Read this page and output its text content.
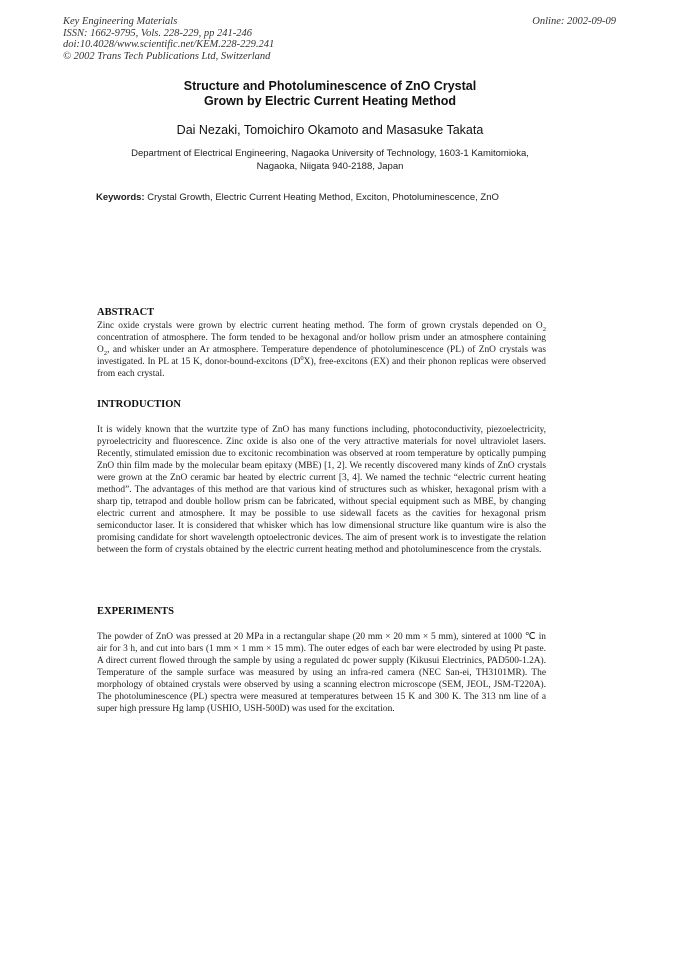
Key Engineering Materials
ISSN: 1662-9795, Vols. 228-229, pp 241-246
doi:10.4028/www.scientific.net/KEM.228-229.241
© 2002 Trans Tech Publications Ltd, Switzerland
Online: 2002-09-09
Structure and Photoluminescence of ZnO Crystal
Grown by Electric Current Heating Method
Dai Nezaki, Tomoichiro Okamoto and Masasuke Takata
Department of Electrical Engineering, Nagaoka University of Technology, 1603-1 Kamitomioka,
Nagaoka, Niigata 940-2188, Japan
Keywords: Crystal Growth, Electric Current Heating Method, Exciton, Photoluminescence, ZnO
ABSTRACT
Zinc oxide crystals were grown by electric current heating method. The form of grown crystals depended on $O_2$ concentration of atmosphere. The form tended to be hexagonal and/or hollow prism under an atmosphere containing $O_2$, and whisker under an Ar atmosphere. Temperature dependence of photoluminescence (PL) of ZnO crystals was investigated. In PL at 15 K, donor-bound-excitons $(D^0X)$, free-excitons (EX) and their phonon replicas were observed from each crystal.
INTRODUCTION
It is widely known that the wurtzite type of ZnO has many functions including, photoconductivity, piezoelectricity, pyroelectricity and fluorescence. Zinc oxide is also one of the very attractive materials for novel ultraviolet lasers. Recently, stimulated emission due to excitonic recombination was observed at room temperature by optically pumping ZnO thin film made by the molecular beam epitaxy (MBE) [1, 2]. We recently discovered many kinds of ZnO crystals were grown at the ZnO ceramic bar heated by electric current [3, 4]. We named the technic “electric current heating method”. The advantages of this method are that various kind of structures such as whisker, hexagonal prism with a sharp tip, tetrapod and double hollow prism can be fabricated, without special equipment such as MBE, by changing electric current and atmosphere. It may be possible to use sidewall facets as the cavities for hexagonal prism semiconductor laser. It is considered that whisker which has low dimensional structure like quantum wire is also the promising candidate for short wavelength optoelectronic devices. The aim of present work is to investigate the relation between the form of crystals obtained by the electric current heating method and photoluminescence from the crystals.
EXPERIMENTS
The powder of ZnO was pressed at 20 MPa in a rectangular shape (20 mm × 20 mm × 5 mm), sintered at 1000 ℃ in air for 3 h, and cut into bars (1 mm × 1 mm × 15 mm). The outer edges of each bar were electroded by using Pt paste. A direct current flowed through the sample by using a regulated dc power supply (Kikusui Electrinics, PAD500-1.2A). Temperature of the sample surface was measured by using an infra-red camera (NEC San-ei, TH3101MR). The morphology of obtained crystals were observed by using a scanning electron microscope (SEM, JEOL, JSM-T220A). The photoluminescence (PL) spectra were measured at temperatures between 15 K and 300 K. The 313 nm line of a super high pressure Hg lamp (USHIO, USH-500D) was used for the excitation.
